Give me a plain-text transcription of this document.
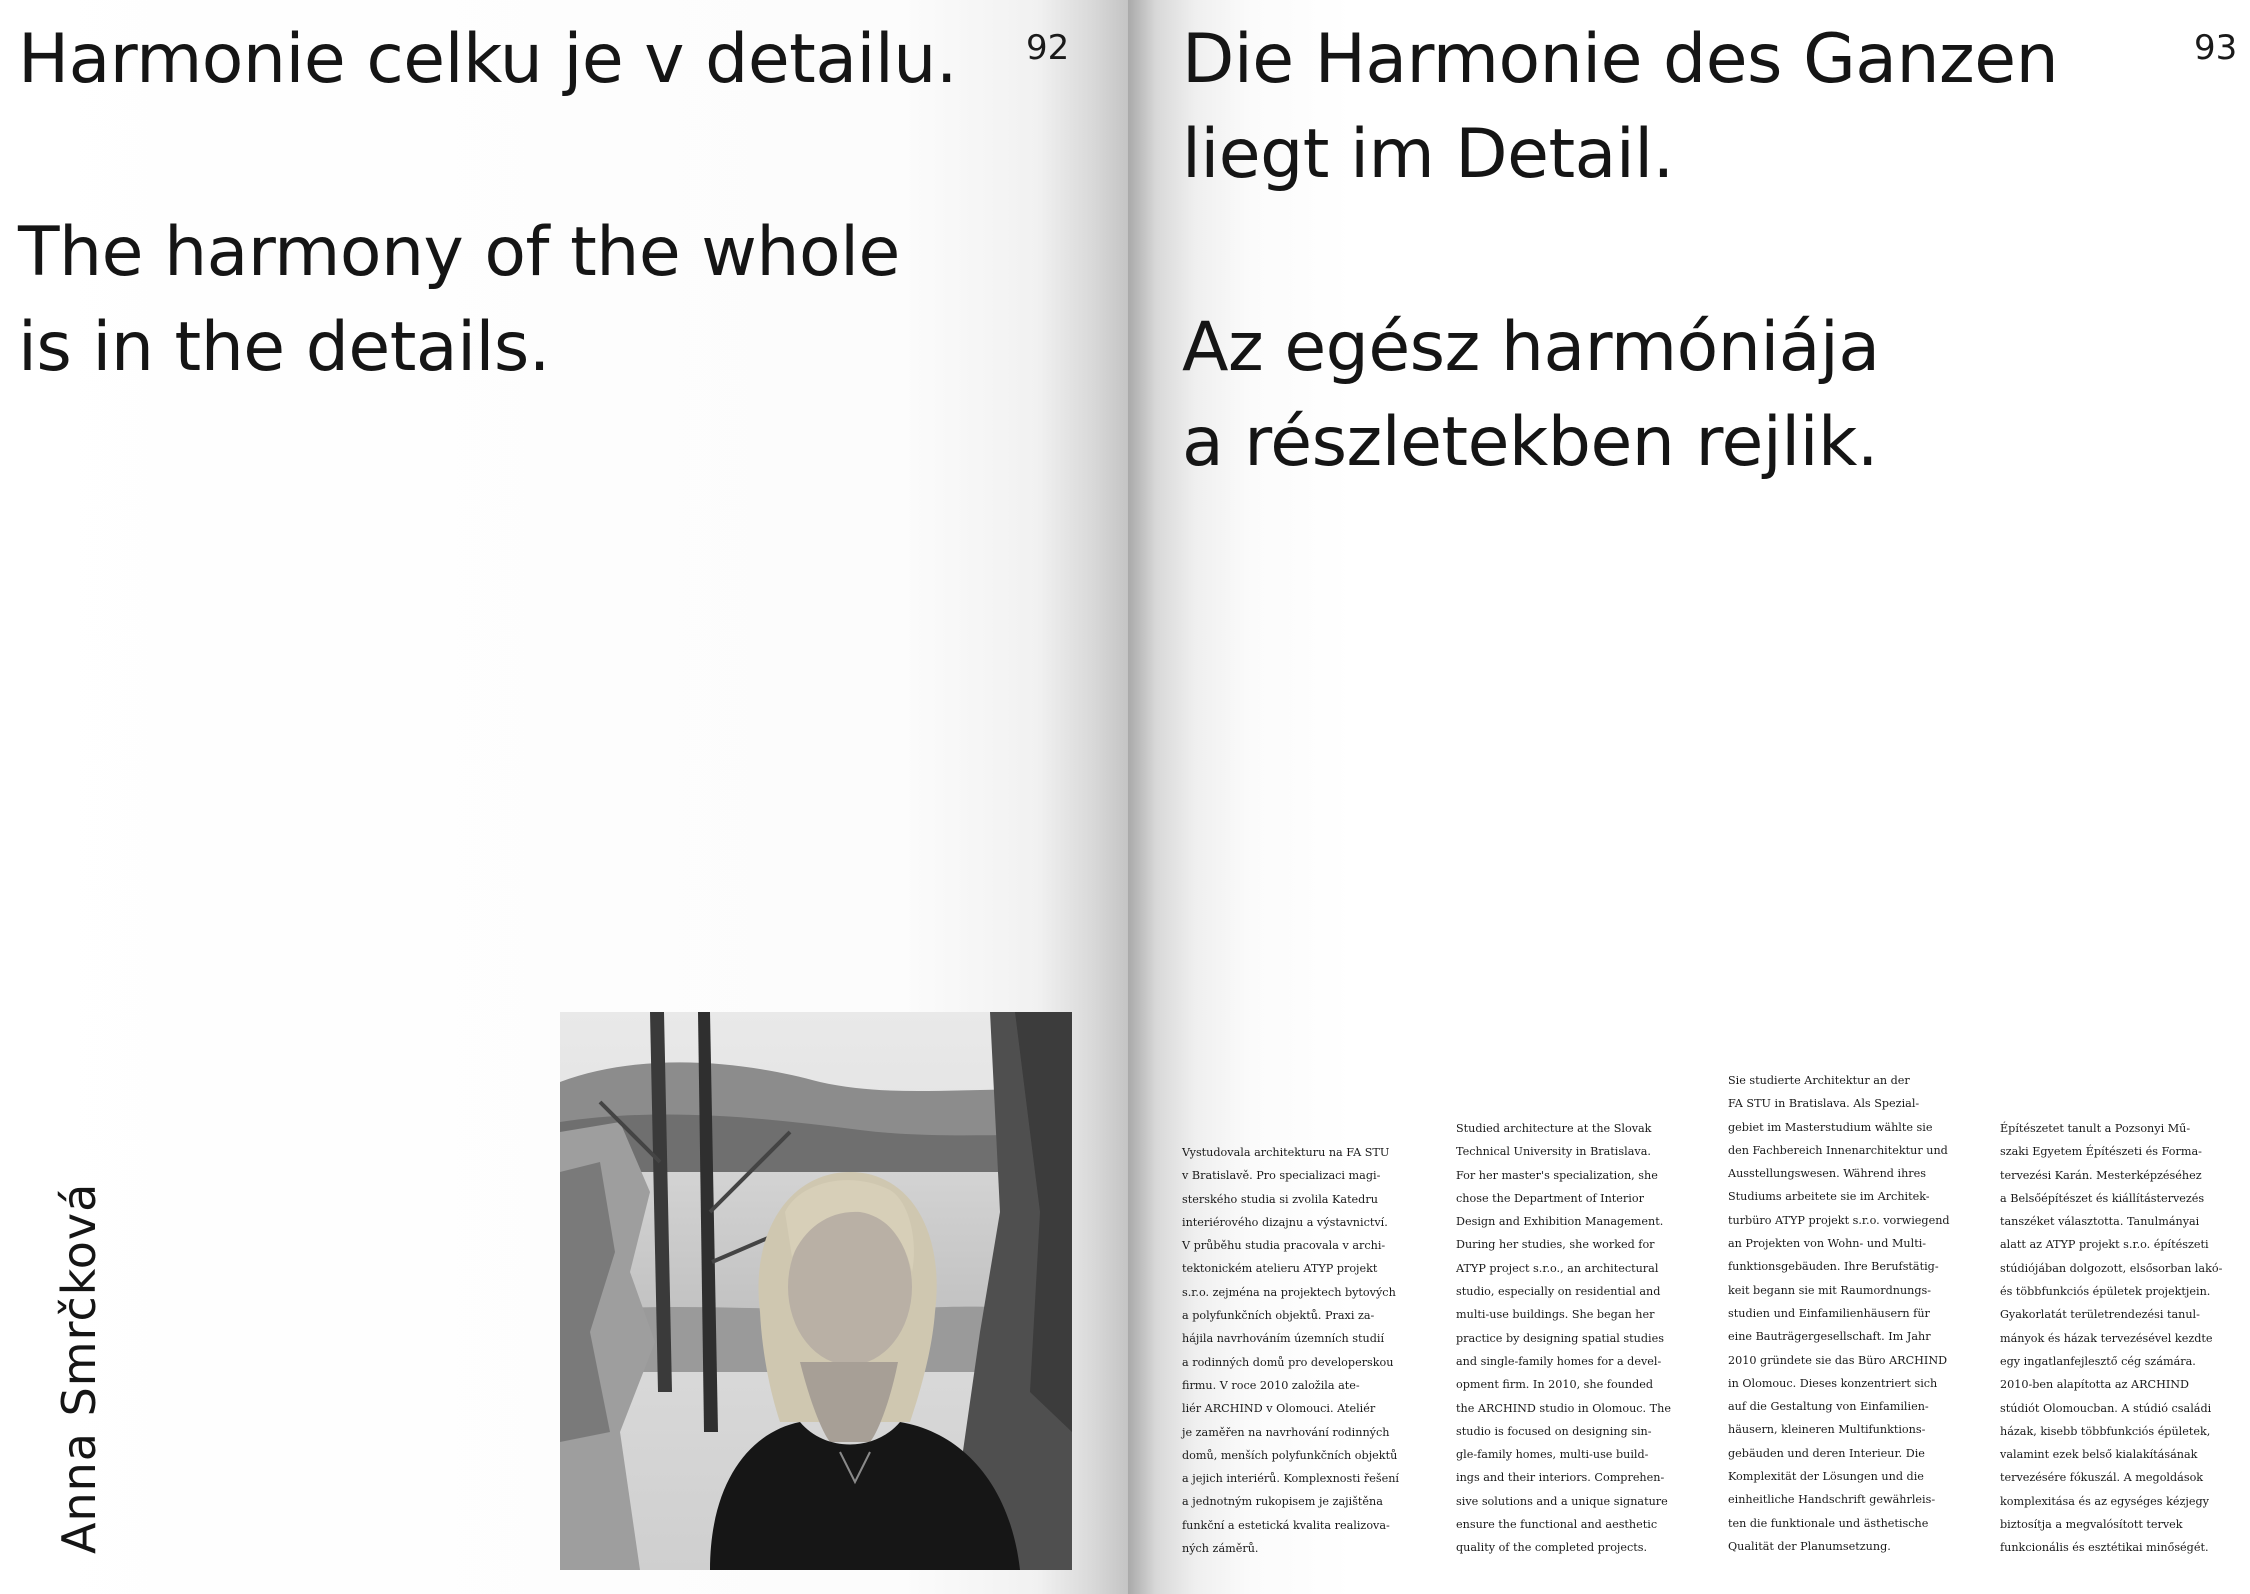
Harmonie celku je v detailu. 92
The harmony of the whole
is in the details.
Anna Smrčková
Die Harmonie des Ganzen
liegt im Detail.
93
Az egész harmóniája
a részletekben rejlik.
Vystudovala architekturu na FA STU
v Bratislavě. Pro specializaci magi-
sterského studia si zvolila Katedru
interiérového dizajnu a výstavnictví.
V průběhu studia pracovala v archi-
tektonickém atelieru ATYP projekt
s.r.o. zejména na projektech bytových
a polyfunkčních objektů. Praxi za-
hájila navrhováním územních studií
a rodinných domů pro developerskou
firmu. V roce 2010 založila ate-
liér ARCHIND v Olomouci. Ateliér
je zaměřen na navrhování rodinných
domů, menších polyfunkčních objektů
a jejich interiérů. Komplexnosti řešení
a jednotným rukopisem je zajištěna
funkční a estetická kvalita realizova-
ných záměrů.
Studied architecture at the Slovak
Technical University in Bratislava.
For her master's specialization, she
chose the Department of Interior
Design and Exhibition Management.
During her studies, she worked for
ATYP project s.r.o., an architectural
studio, especially on residential and
multi-use buildings. She began her
practice by designing spatial studies
and single-family homes for a devel-
opment firm. In 2010, she founded
the ARCHIND studio in Olomouc. The
studio is focused on designing sin-
gle-family homes, multi-use build-
ings and their interiors. Comprehen-
sive solutions and a unique signature
ensure the functional and aesthetic
quality of the completed projects.
Sie studierte Architektur an der
FA STU in Bratislava. Als Spezial-
gebiet im Masterstudium wählte sie
den Fachbereich Innenarchitektur und
Ausstellungswesen. Während ihres
Studiums arbeitete sie im Architek-
turbüro ATYP projekt s.r.o. vorwiegend
an Projekten von Wohn- und Multi-
funktionsgebäuden. Ihre Berufstätig-
keit begann sie mit Raumordnungs-
studien und Einfamilienhäusern für
eine Bauträgergesellschaft. Im Jahr
2010 gründete sie das Büro ARCHIND
in Olomouc. Dieses konzentriert sich
auf die Gestaltung von Einfamilien-
häusern, kleineren Multifunktions-
gebäuden und deren Interieur. Die
Komplexität der Lösungen und die
einheitliche Handschrift gewährleis-
ten die funktionale und ästhetische
Qualität der Planumsetzung.
Építészetet tanult a Pozsonyi Mű-
szaki Egyetem Építészeti és Forma-
tervezési Karán. Mesterképzéséhez
a Belsőépítészet és kiállítástervezés
tanszéket választotta. Tanulmányai
alatt az ATYP projekt s.r.o. építészeti
stúdiójában dolgozott, elsősorban lakó-
és többfunkciós épületek projektjein.
Gyakorlatát területrendezési tanul-
mányok és házak tervezésével kezdte
egy ingatlanfejlesztő cég számára.
2010-ben alapította az ARCHIND
stúdiót Olomoucban. A stúdió családi
házak, kisebb többfunkciós épületek,
valamint ezek belső kialakításának
tervezésére fókuszál. A megoldások
komplexitása és az egységes kézjegy
biztosítja a megvalósított tervek
funkcionális és esztétikai minőségét.
